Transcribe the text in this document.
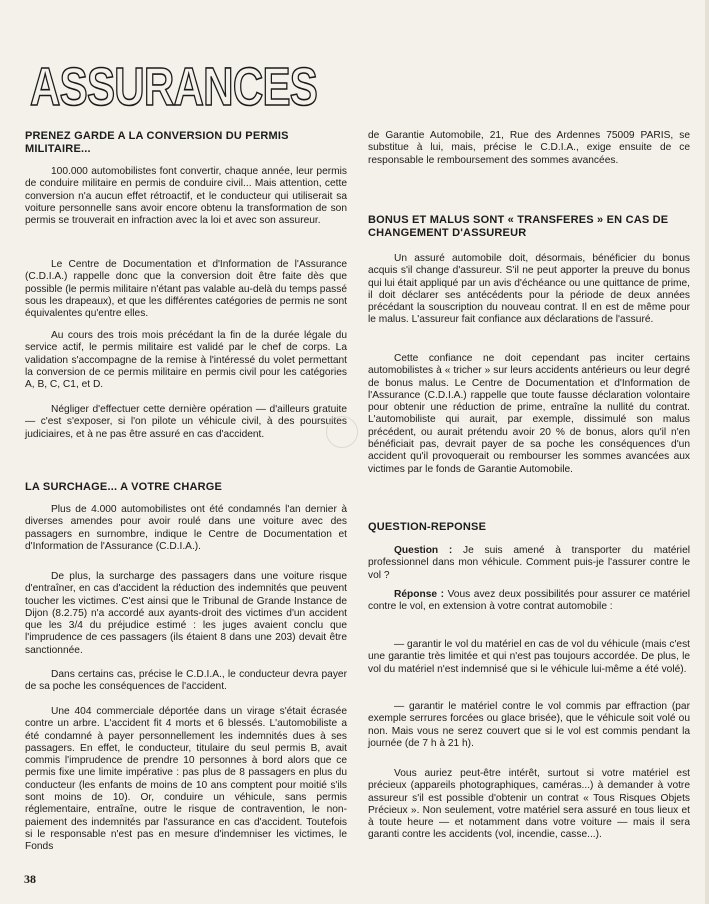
ASSURANCES
PRENEZ GARDE A LA CONVERSION DU PERMIS MILITAIRE...

100.000 automobilistes font convertir, chaque année, leur permis de conduire militaire en permis de conduire civil... Mais attention, cette conversion n'a aucun effet rétroactif, et le conducteur qui utiliserait sa voiture personnelle sans avoir encore obtenu la transformation de son permis se trouverait en infraction avec la loi et avec son assureur.

Le Centre de Documentation et d'Information de l'Assurance (C.D.I.A.) rappelle donc que la conversion doit être faite dès que possible (le permis militaire n'étant pas valable au-delà du temps passé sous les drapeaux), et que les différentes catégories de permis ne sont équivalentes qu'entre elles.

Au cours des trois mois précédant la fin de la durée légale du service actif, le permis militaire est validé par le chef de corps. La validation s'accompagne de la remise à l'intéressé du volet permettant la conversion de ce permis militaire en permis civil pour les catégories A, B, C, C1, et D.

Négliger d'effectuer cette dernière opération — d'ailleurs gratuite — c'est s'exposer, si l'on pilote un véhicule civil, à des poursuites judiciaires, et à ne pas être assuré en cas d'accident.

LA SURCHAGE... A VOTRE CHARGE

Plus de 4.000 automobilistes ont été condamnés l'an dernier à diverses amendes pour avoir roulé dans une voiture avec des passagers en surnombre, indique le Centre de Documentation et d'Information de l'Assurance (C.D.I.A.).

De plus, la surcharge des passagers dans une voiture risque d'entraîner, en cas d'accident la réduction des indemnités que peuvent toucher les victimes. C'est ainsi que le Tribunal de Grande Instance de Dijon (8.2.75) n'a accordé aux ayants-droit des victimes d'un accident que les 3/4 du préjudice estimé : les juges avaient conclu que l'imprudence de ces passagers (ils étaient 8 dans une 203) devait être sanctionnée.

Dans certains cas, précise le C.D.I.A., le conducteur devra payer de sa poche les conséquences de l'accident.

Une 404 commerciale déportée dans un virage s'était écrasée contre un arbre. L'accident fit 4 morts et 6 blessés. L'automobiliste a été condamné à payer personnellement les indemnités dues à ses passagers. En effet, le conducteur, titulaire du seul permis B, avait commis l'imprudence de prendre 10 personnes à bord alors que ce permis fixe une limite impérative : pas plus de 8 passagers en plus du conducteur (les enfants de moins de 10 ans comptent pour moitié s'ils sont moins de 10). Or, conduire un véhicule, sans permis réglementaire, entraîne, outre le risque de contravention, le non-paiement des indemnités par l'assurance en cas d'accident. Toutefois si le responsable n'est pas en mesure d'indemniser les victimes, le Fonds

de Garantie Automobile, 21, Rue des Ardennes 75009 PARIS, se substitue à lui, mais, précise le C.D.I.A., exige ensuite de ce responsable le remboursement des sommes avancées.

BONUS ET MALUS SONT « TRANSFERES » EN CAS DE CHANGEMENT D'ASSUREUR

Un assuré automobile doit, désormais, bénéficier du bonus acquis s'il change d'assureur. S'il ne peut apporter la preuve du bonus qui lui était appliqué par un avis d'échéance ou une quittance de prime, il doit déclarer ses antécédents pour la période de deux années précédant la souscription du nouveau contrat. Il en est de même pour le malus. L'assureur fait confiance aux déclarations de l'assuré.

Cette confiance ne doit cependant pas inciter certains automobilistes à « tricher » sur leurs accidents antérieurs ou leur degré de bonus malus. Le Centre de Documentation et d'Information de l'Assurance (C.D.I.A.) rappelle que toute fausse déclaration volontaire pour obtenir une réduction de prime, entraîne la nullité du contrat. L'automobiliste qui aurait, par exemple, dissimulé son malus précédent, ou aurait prétendu avoir 20 % de bonus, alors qu'il n'en bénéficiait pas, devrait payer de sa poche les conséquences d'un accident qu'il provoquerait ou rembourser les sommes avancées aux victimes par le fonds de Garantie Automobile.

QUESTION-REPONSE

Question : Je suis amené à transporter du matériel professionnel dans mon véhicule. Comment puis-je l'assurer contre le vol ?

Réponse : Vous avez deux possibilités pour assurer ce matériel contre le vol, en extension à votre contrat automobile :

— garantir le vol du matériel en cas de vol du véhicule (mais c'est une garantie très limitée et qui n'est pas toujours accordée. De plus, le vol du matériel n'est indemnisé que si le véhicule lui-même a été volé).

— garantir le matériel contre le vol commis par effraction (par exemple serrures forcées ou glace brisée), que le véhicule soit volé ou non. Mais vous ne serez couvert que si le vol est commis pendant la journée (de 7 h à 21 h).

Vous auriez peut-être intérêt, surtout si votre matériel est précieux (appareils photographiques, caméras...) à demander à votre assureur s'il est possible d'obtenir un contrat « Tous Risques Objets Précieux ». Non seulement, votre matériel sera assuré en tous lieux et à toute heure — et notamment dans votre voiture — mais il sera garanti contre les accidents (vol, incendie, casse...).

38
